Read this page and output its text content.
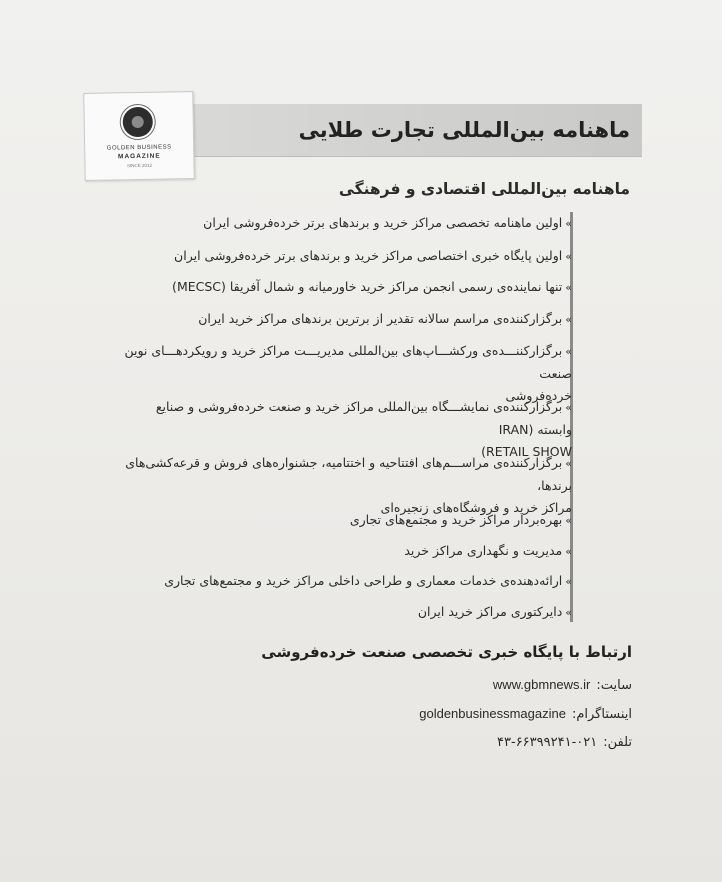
ماهنامه بین‌المللی تجارت طلایی
GOLDEN BUSINESS
MAGAZINE
SINCE 2012
ماهنامه بین‌المللی اقتصادی و فرهنگی
»اولین ماهنامه تخصصی مراکز خرید و برندهای برتر خرده‌فروشی ایران
»اولین پایگاه خبری اختصاصی مراکز خرید و برندهای برتر خرده‌فروشی ایران
»تنها نماینده‌ی رسمی انجمن مراکز خرید خاورمیانه و شمال آفریقا (MECSC)
»برگزارکننده‌ی مراسم سالانه تقدیر از برترین برندهای مراکز خرید ایران
»برگزارکننـــده‌ی ورکشـــاپ‌های بین‌المللی مدیریـــت مراکز خرید و رویکردهـــای نوین صنعت
خرده‌فروشی
»برگزارکننده‌ی نمایشـــگاه بین‌المللی مراکز خرید و صنعت خرده‌فروشی و صنایع وابسته (IRAN
RETAIL SHOW)
»برگزارکننده‌ی مراســـم‌های افتتاحیه و اختتامیه، جشنواره‌های فروش و قرعه‌کشی‌های برندها،
مراکز خرید و فروشگاه‌های زنجیره‌ای
»بهره‌بردار مراکز خرید و مجتمع‌های تجاری
»مدیریت و نگهداری مراکز خرید
»ارائه‌دهنده‌ی خدمات معماری و طراحی داخلی مراکز خرید و مجتمع‌های تجاری
»دایرکتوری مراکز خرید ایران
ارتباط با پایگاه خبری تخصصی صنعت خرده‌فروشی
سایت:www.gbmnews.ir
اینستاگرام:goldenbusinessmagazine
تلفن:۰۲۱-۶۶۳۹۹۲۴۱-۴۳
